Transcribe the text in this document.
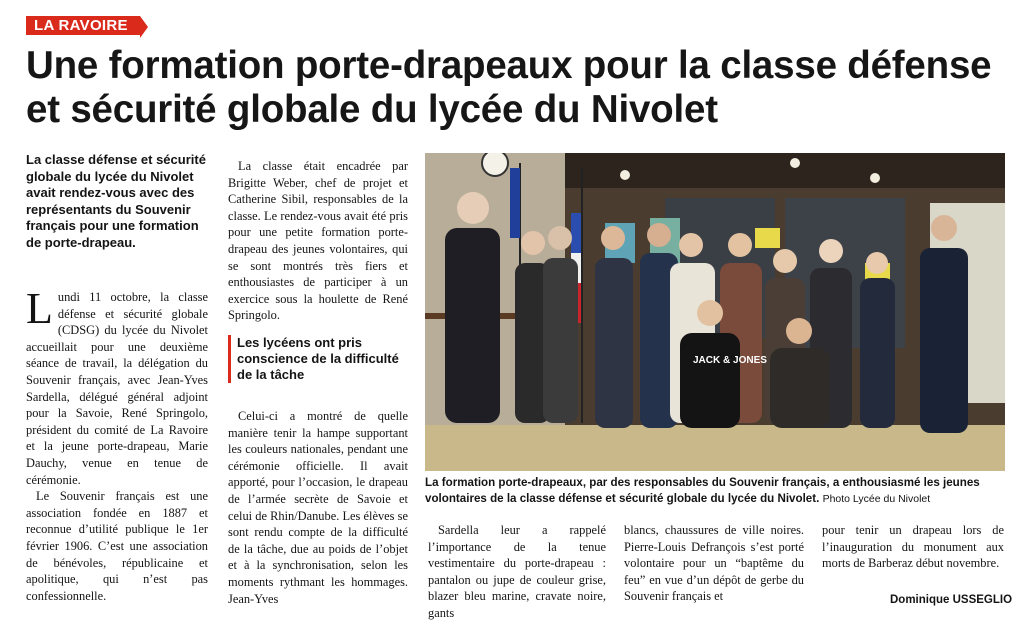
LA RAVOIRE
Une formation porte-drapeaux pour la classe défense et sécurité globale du lycée du Nivolet
La classe défense et sécurité globale du lycée du Nivolet avait rendez-vous avec des représentants du Souvenir français pour une formation de porte-drapeau.

Lundi 11 octobre, la classe défense et sécurité globale (CDSG) du lycée du Nivolet accueillait pour une deuxième séance de travail, la délégation du Souvenir français, avec Jean-Yves Sardella, délégué général adjoint pour la Savoie, René Springolo, président du comité de La Ravoire et la jeune porte-drapeau, Marie Dauchy, venue en tenue de cérémonie.

Le Souvenir français est une association fondée en 1887 et reconnue d’utilité publique le 1er février 1906. C’est une association de bénévoles, républicaine et apolitique, qui n’est pas confessionnelle.

La classe était encadrée par Brigitte Weber, chef de projet et Catherine Sibil, responsables de la classe. Le rendez-vous avait été pris pour une petite formation porte-drapeau des jeunes volontaires, qui se sont montrés très fiers et enthousiastes de participer à un exercice sous la houlette de René Springolo.

Les lycéens ont pris conscience de la difficulté de la tâche

Celui-ci a montré de quelle manière tenir la hampe supportant les couleurs nationales, pendant une cérémonie officielle. Il avait apporté, pour l’occasion, le drapeau de l’armée secrète de Savoie et celui de Rhin/Danube. Les élèves se sont rendu compte de la difficulté de la tâche, due au poids de l’objet et à la synchronisation, selon les moments rythmant les hommages. Jean-Yves

JACK & JONES
La formation porte-drapeaux, par des responsables du Souvenir français, a enthousiasmé les jeunes volontaires de la classe défense et sécurité globale du lycée du Nivolet. Photo Lycée du Nivolet

Sardella leur a rappelé l’importance de la tenue vestimentaire du porte-drapeau : pantalon ou jupe de couleur grise, blazer bleu marine, cravate noire, gants

blancs, chaussures de ville noires. Pierre-Louis Defrançois s’est porté volontaire pour un “baptême du feu” en vue d’un dépôt de gerbe du Souvenir français et

pour tenir un drapeau lors de l’inauguration du monument aux morts de Barberaz début novembre.

Dominique USSEGLIO
